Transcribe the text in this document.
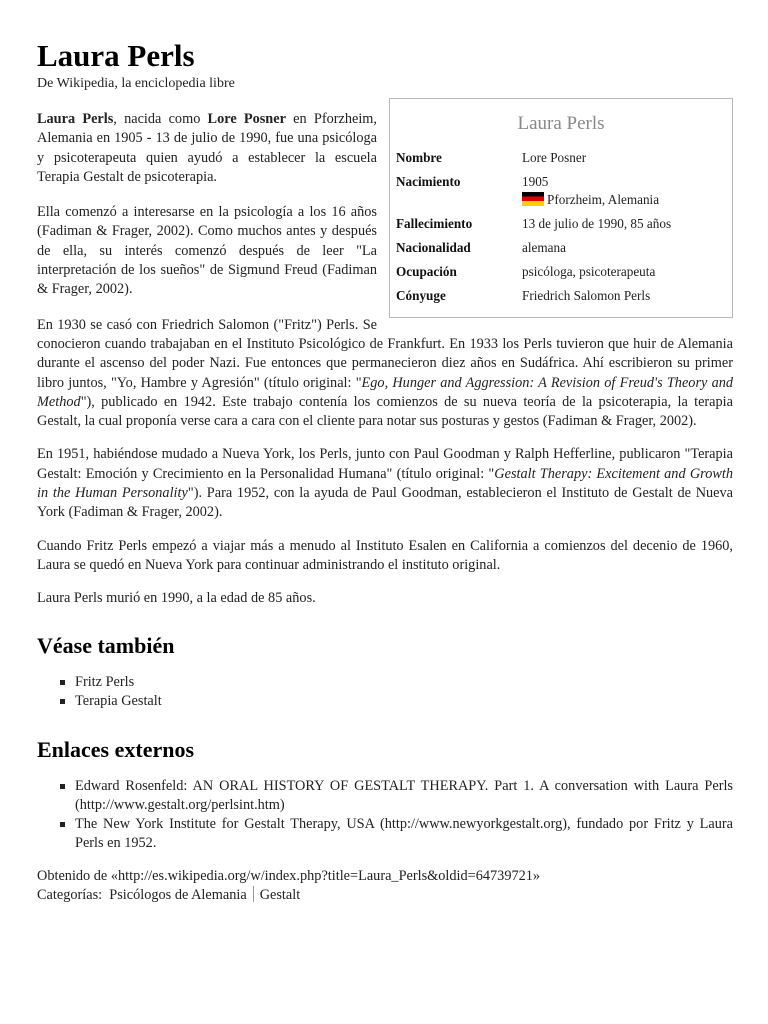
Laura Perls
De Wikipedia, la enciclopedia libre
Laura Perls
Nombre	Lore Posner
Nacimiento	1905
Pforzheim, Alemania
Fallecimiento	13 de julio de 1990, 85 años
Nacionalidad	alemana
Ocupación	psicóloga, psicoterapeuta
Cónyuge	Friedrich Salomon Perls

Laura Perls, nacida como Lore Posner en Pforzheim, Alemania en 1905 - 13 de julio de 1990, fue una psicóloga y psicoterapeuta quien ayudó a establecer la escuela Terapia Gestalt de psicoterapia.

Ella comenzó a interesarse en la psicología a los 16 años (Fadiman & Frager, 2002). Como muchos antes y después de ella, su interés comenzó después de leer "La interpretación de los sueños" de Sigmund Freud (Fadiman & Frager, 2002).

En 1930 se casó con Friedrich Salomon ("Fritz") Perls. Se conocieron cuando trabajaban en el Instituto Psicológico de Frankfurt. En 1933 los Perls tuvieron que huir de Alemania durante el ascenso del poder Nazi. Fue entonces que permanecieron diez años en Sudáfrica. Ahí escribieron su primer libro juntos, "Yo, Hambre y Agresión" (título original: "Ego, Hunger and Aggression: A Revision of Freud's Theory and Method"), publicado en 1942. Este trabajo contenía los comienzos de su nueva teoría de la psicoterapia, la terapia Gestalt, la cual proponía verse cara a cara con el cliente para notar sus posturas y gestos (Fadiman & Frager, 2002).

En 1951, habiéndose mudado a Nueva York, los Perls, junto con Paul Goodman y Ralph Hefferline, publicaron "Terapia Gestalt: Emoción y Crecimiento en la Personalidad Humana" (título original: "Gestalt Therapy: Excitement and Growth in the Human Personality"). Para 1952, con la ayuda de Paul Goodman, establecieron el Instituto de Gestalt de Nueva York (Fadiman & Frager, 2002).

Cuando Fritz Perls empezó a viajar más a menudo al Instituto Esalen en California a comienzos del decenio de 1960, Laura se quedó en Nueva York para continuar administrando el instituto original.

Laura Perls murió en 1990, a la edad de 85 años.

Véase también
Fritz Perls
Terapia Gestalt
Enlaces externos
Edward Rosenfeld: AN ORAL HISTORY OF GESTALT THERAPY. Part 1. A conversation with Laura Perls (http://www.gestalt.org/perlsint.htm)
The New York Institute for Gestalt Therapy, USA (http://www.newyorkgestalt.org), fundado por Fritz y Laura Perls en 1952.
Obtenido de «http://es.wikipedia.org/w/index.php?title=Laura_Perls&oldid=64739721»
Categorías: Psicólogos de Alemania Gestalt
